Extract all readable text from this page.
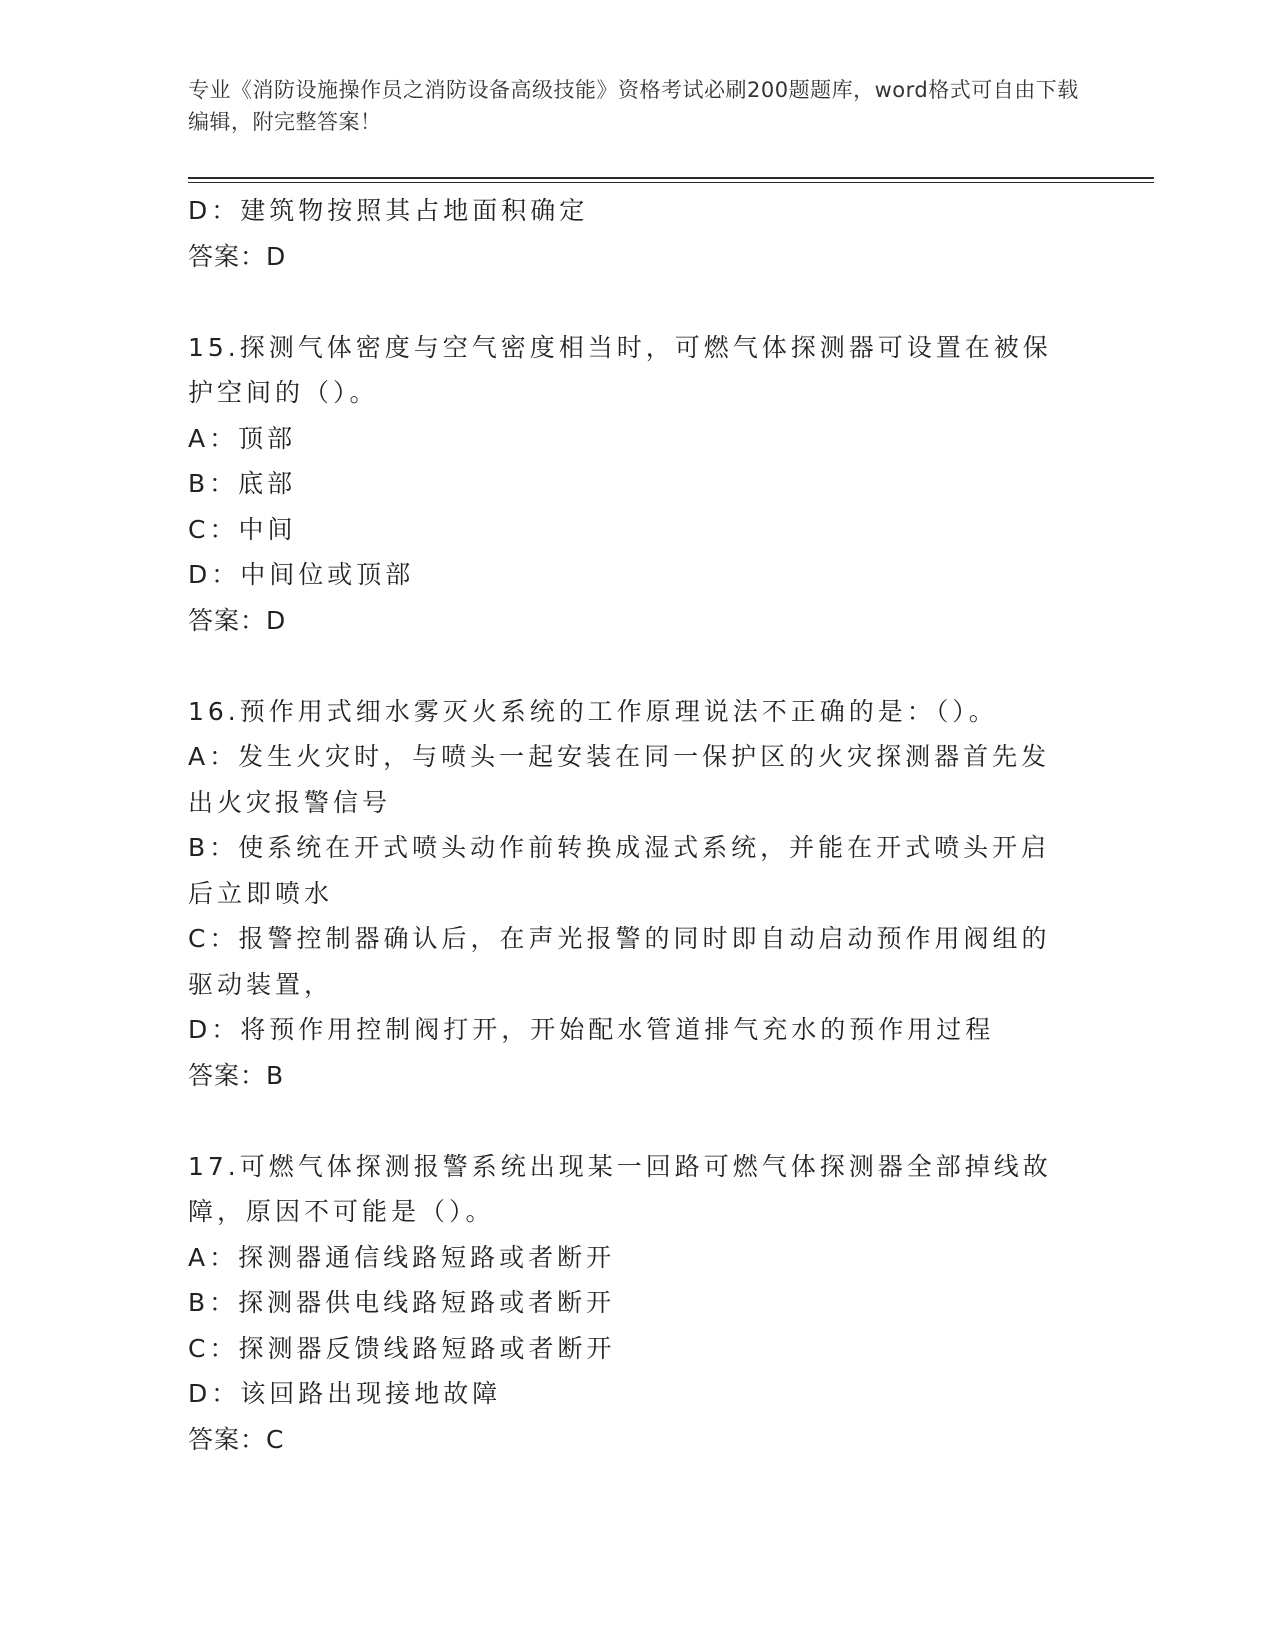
专业《消防设施操作员之消防设备高级技能》资格考试必刷200题题库，word格式可自由下载编辑，附完整答案！

D：建筑物按照其占地面积确定

答案：D

15.探测气体密度与空气密度相当时，可燃气体探测器可设置在被保护空间的（）。

A：顶部

B：底部

C：中间

D：中间位或顶部

答案：D

16.预作用式细水雾灭火系统的工作原理说法不正确的是：（）。

A：发生火灾时，与喷头一起安装在同一保护区的火灾探测器首先发出火灾报警信号

B：使系统在开式喷头动作前转换成湿式系统，并能在开式喷头开启后立即喷水

C：报警控制器确认后，在声光报警的同时即自动启动预作用阀组的驱动装置，

D：将预作用控制阀打开，开始配水管道排气充水的预作用过程

答案：B

17.可燃气体探测报警系统出现某一回路可燃气体探测器全部掉线故障，原因不可能是（）。

A：探测器通信线路短路或者断开

B：探测器供电线路短路或者断开

C：探测器反馈线路短路或者断开

D：该回路出现接地故障

答案：C
